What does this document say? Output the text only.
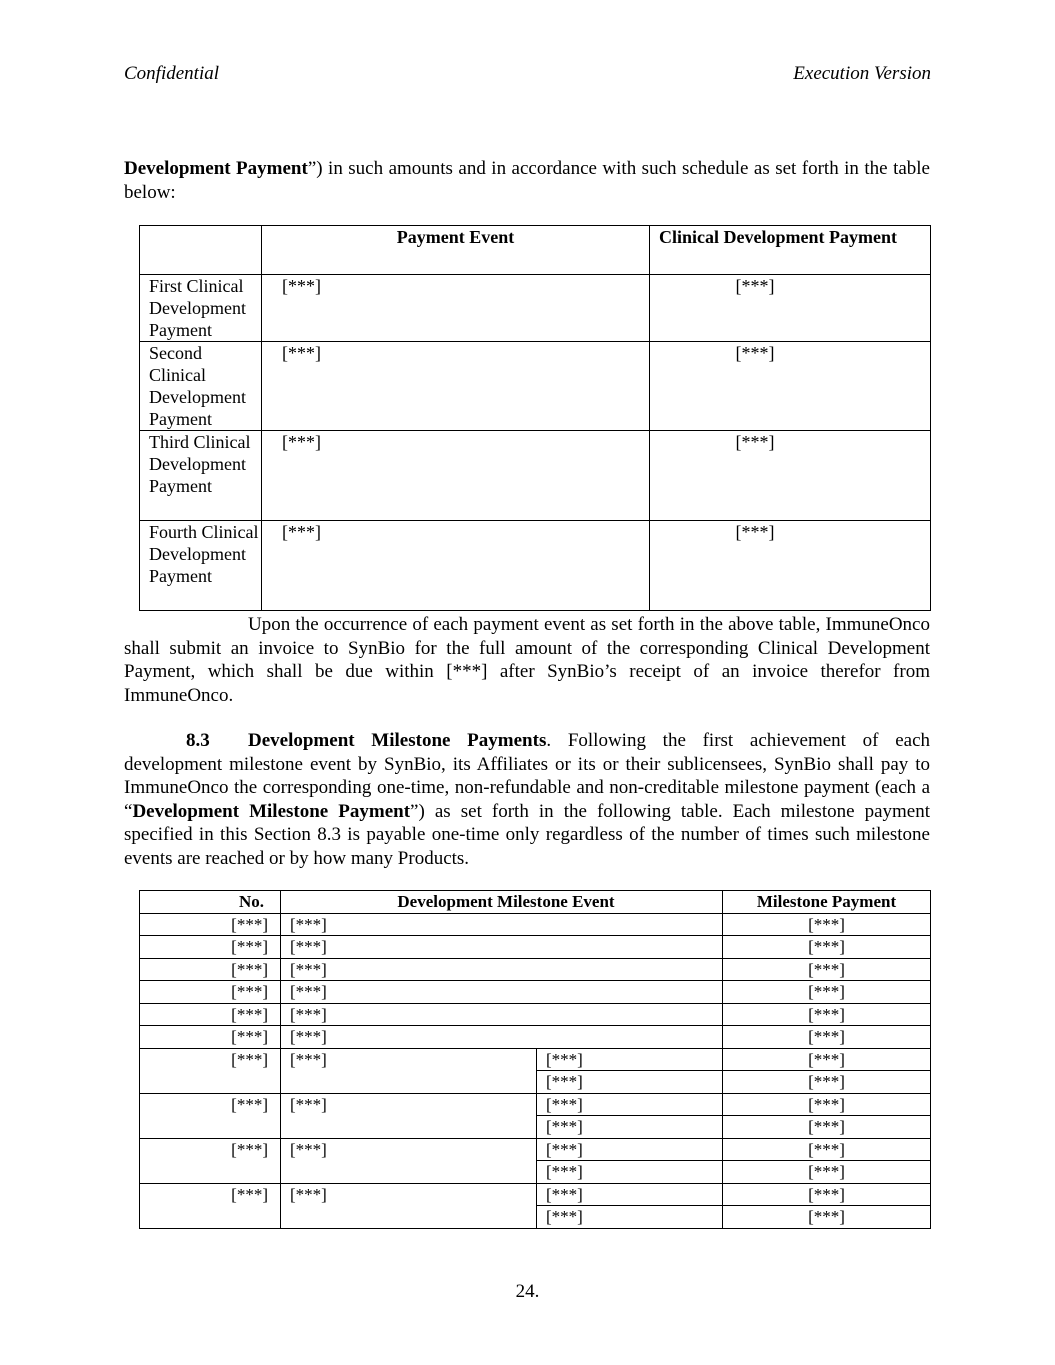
Confidential	Execution Version

Development Payment”) in such amounts and in accordance with such schedule as set forth in the table below:

	Payment Event	Clinical Development Payment
First Clinical Development Payment	[***]	[***]
Second Clinical Development Payment	[***]	[***]
Third Clinical Development Payment	[***]	[***]
Fourth Clinical Development Payment	[***]	[***]

Upon the occurrence of each payment event as set forth in the above table, ImmuneOnco shall submit an invoice to SynBio for the full amount of the corresponding Clinical Development Payment, which shall be due within [***] after SynBio’s receipt of an invoice therefor from ImmuneOnco.

8.3 Development Milestone Payments. Following the first achievement of each development milestone event by SynBio, its Affiliates or its or their sublicensees, SynBio shall pay to ImmuneOnco the corresponding one-time, non-refundable and non-creditable milestone payment (each a “Development Milestone Payment”) as set forth in the following table. Each milestone payment specified in this Section 8.3 is payable one-time only regardless of the number of times such milestone events are reached or by how many Products.

No.	Development Milestone Event		Milestone Payment
[***]	[***]		[***]
[***]	[***]		[***]
[***]	[***]		[***]
[***]	[***]		[***]
[***]	[***]		[***]
[***]	[***]		[***]
[***]	[***]	[***]	[***]
		[***]	[***]
[***]	[***]	[***]	[***]
		[***]	[***]
[***]	[***]	[***]	[***]
		[***]	[***]
[***]	[***]	[***]	[***]
		[***]	[***]
24.
